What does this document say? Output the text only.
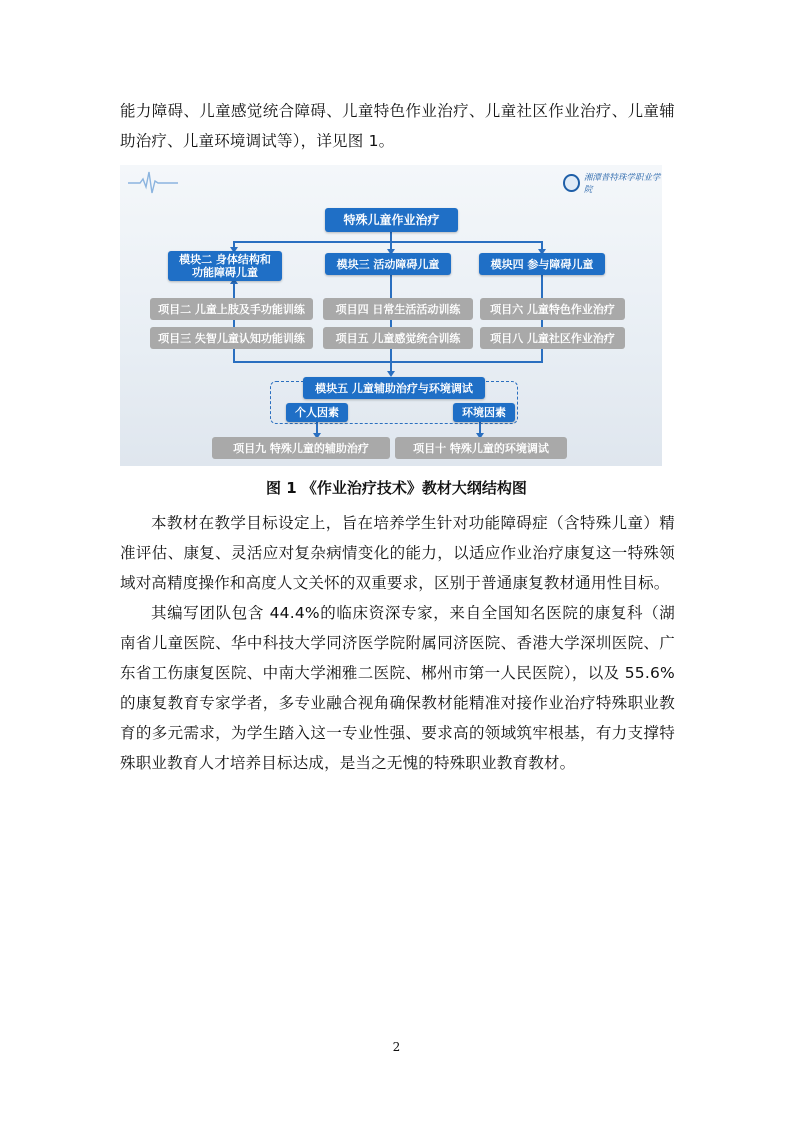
能力障碍、儿童感觉统合障碍、儿童特色作业治疗、儿童社区作业治疗、儿童辅助治疗、儿童环境调试等），详见图 1。

湘潭普特珠学职业学院
特殊儿童作业治疗
模块二 身体结构和
功能障碍儿童
模块三 活动障碍儿童	模块四 参与障碍儿童
项目二 儿童上肢及手功能训练	项目四 日常生活活动训练	项目六 儿童特色作业治疗
项目三 失智儿童认知功能训练	项目五 儿童感觉统合训练	项目八 儿童社区作业治疗
模块五 儿童辅助治疗与环境调试
个人因素	环境因素
项目九 特殊儿童的辅助治疗	项目十 特殊儿童的环境调试

图 1 《作业治疗技术》教材大纲结构图

本教材在教学目标设定上，旨在培养学生针对功能障碍症（含特殊儿童）精准评估、康复、灵活应对复杂病情变化的能力，以适应作业治疗康复这一特殊领域对高精度操作和高度人文关怀的双重要求，区别于普通康复教材通用性目标。

其编写团队包含 44.4%的临床资深专家，来自全国知名医院的康复科（湖南省儿童医院、华中科技大学同济医学院附属同济医院、香港大学深圳医院、广东省工伤康复医院、中南大学湘雅二医院、郴州市第一人民医院），以及 55.6%的康复教育专家学者，多专业融合视角确保教材能精准对接作业治疗特殊职业教育的多元需求，为学生踏入这一专业性强、要求高的领域筑牢根基，有力支撑特殊职业教育人才培养目标达成，是当之无愧的特殊职业教育教材。

2
